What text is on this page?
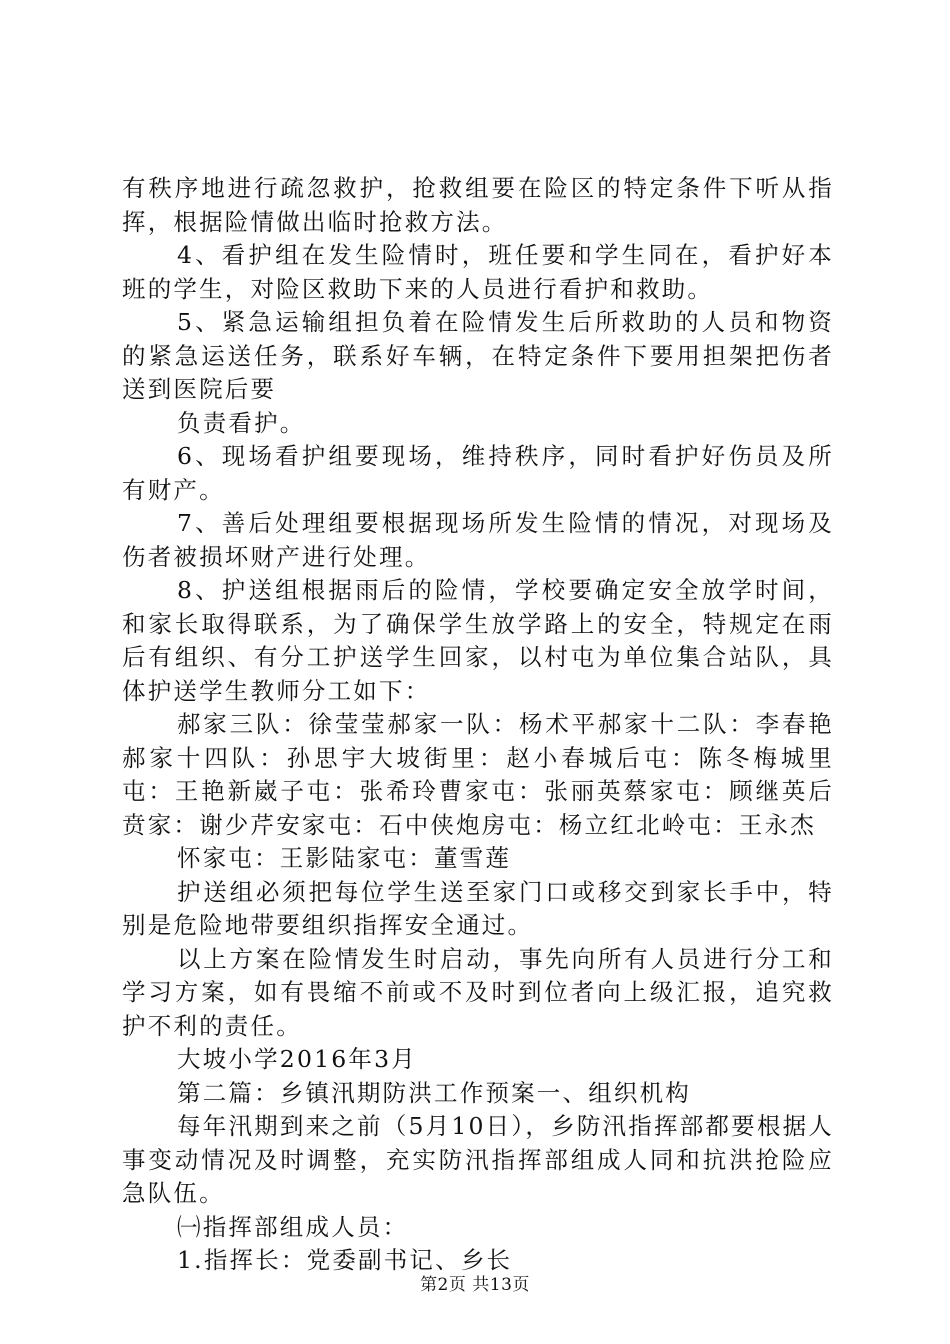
有秩序地进行疏忽救护，抢救组要在险区的特定条件下听从指挥，根据险情做出临时抢救方法。

4、看护组在发生险情时，班任要和学生同在，看护好本班的学生，对险区救助下来的人员进行看护和救助。

5、紧急运输组担负着在险情发生后所救助的人员和物资的紧急运送任务，联系好车辆，在特定条件下要用担架把伤者送到医院后要

负责看护。

6、现场看护组要现场，维持秩序，同时看护好伤员及所有财产。

7、善后处理组要根据现场所发生险情的情况，对现场及伤者被损坏财产进行处理。

8、护送组根据雨后的险情，学校要确定安全放学时间，和家长取得联系，为了确保学生放学路上的安全，特规定在雨后有组织、有分工护送学生回家，以村屯为单位集合站队，具体护送学生教师分工如下：

郝家三队：徐莹莹郝家一队：杨术平郝家十二队：李春艳郝家十四队：孙思宇大坡街里：赵小春城后屯：陈冬梅城里屯：王艳新崴子屯：张希玲曹家屯：张丽英蔡家屯：顾继英后贲家：谢少芹安家屯：石中侠炮房屯：杨立红北岭屯：王永杰

怀家屯：王影陆家屯：董雪莲

护送组必须把每位学生送至家门口或移交到家长手中，特别是危险地带要组织指挥安全通过。

以上方案在险情发生时启动，事先向所有人员进行分工和学习方案，如有畏缩不前或不及时到位者向上级汇报，追究救护不利的责任。

大坡小学2016年3月

第二篇：乡镇汛期防洪工作预案一、组织机构

每年汛期到来之前（5月10日），乡防汛指挥部都要根据人事变动情况及时调整，充实防汛指挥部组成人同和抗洪抢险应急队伍。

㈠指挥部组成人员：

1.指挥长：党委副书记、乡长

第2页 共13页
